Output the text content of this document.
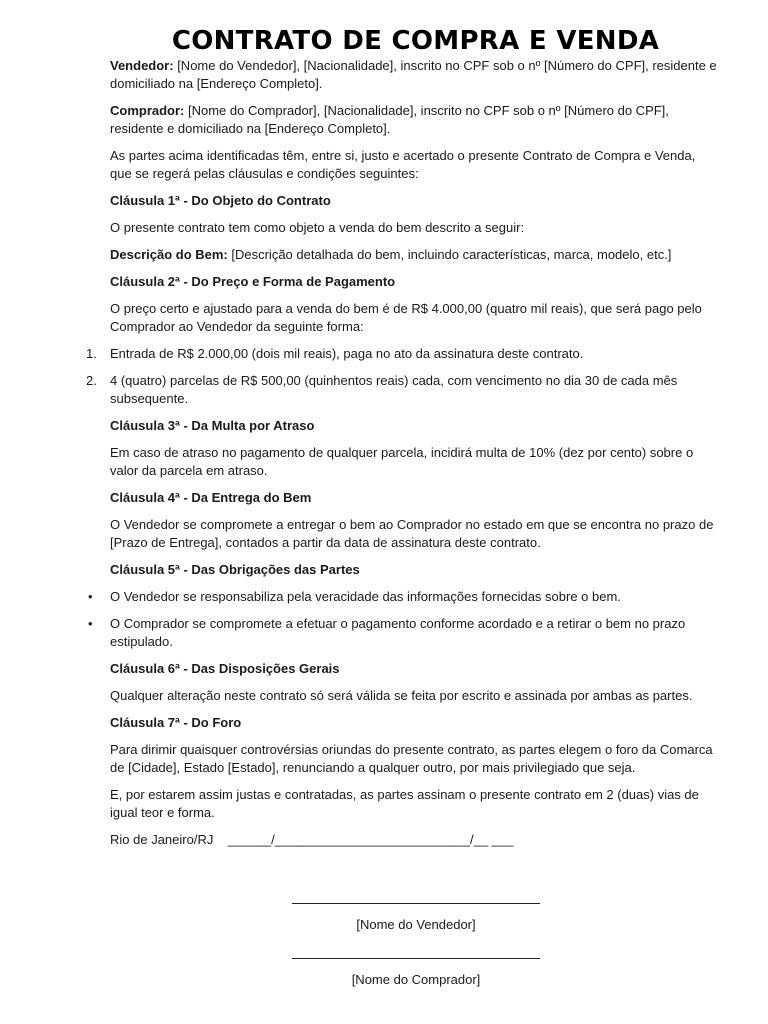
CONTRATO DE COMPRA E VENDA
Vendedor: [Nome do Vendedor], [Nacionalidade], inscrito no CPF sob o nº [Número do CPF], residente e domiciliado na [Endereço Completo].
Comprador: [Nome do Comprador], [Nacionalidade], inscrito no CPF sob o nº [Número do CPF], residente e domiciliado na [Endereço Completo].
As partes acima identificadas têm, entre si, justo e acertado o presente Contrato de Compra e Venda, que se regerá pelas cláusulas e condições seguintes:
Cláusula 1ª - Do Objeto do Contrato
O presente contrato tem como objeto a venda do bem descrito a seguir:
Descrição do Bem: [Descrição detalhada do bem, incluindo características, marca, modelo, etc.]
Cláusula 2ª - Do Preço e Forma de Pagamento
O preço certo e ajustado para a venda do bem é de R$ 4.000,00 (quatro mil reais), que será pago pelo Comprador ao Vendedor da seguinte forma:
1. Entrada de R$ 2.000,00 (dois mil reais), paga no ato da assinatura deste contrato.
2. 4 (quatro) parcelas de R$ 500,00 (quinhentos reais) cada, com vencimento no dia 30 de cada mês subsequente.
Cláusula 3ª - Da Multa por Atraso
Em caso de atraso no pagamento de qualquer parcela, incidirá multa de 10% (dez por cento) sobre o valor da parcela em atraso.
Cláusula 4ª - Da Entrega do Bem
O Vendedor se compromete a entregar o bem ao Comprador no estado em que se encontra no prazo de [Prazo de Entrega], contados a partir da data de assinatura deste contrato.
Cláusula 5ª - Das Obrigações das Partes
• O Vendedor se responsabiliza pela veracidade das informações fornecidas sobre o bem.
• O Comprador se compromete a efetuar o pagamento conforme acordado e a retirar o bem no prazo estipulado.
Cláusula 6ª - Das Disposições Gerais
Qualquer alteração neste contrato só será válida se feita por escrito e assinada por ambas as partes.
Cláusula 7ª - Do Foro
Para dirimir quaisquer controvérsias oriundas do presente contrato, as partes elegem o foro da Comarca de [Cidade], Estado [Estado], renunciando a qualquer outro, por mais privilegiado que seja.
E, por estarem assim justas e contratadas, as partes assinam o presente contrato em 2 (duas) vias de igual teor e forma.
Rio de Janeiro/RJ    ______/___________________________/__ ___
[Nome do Vendedor]
[Nome do Comprador]
